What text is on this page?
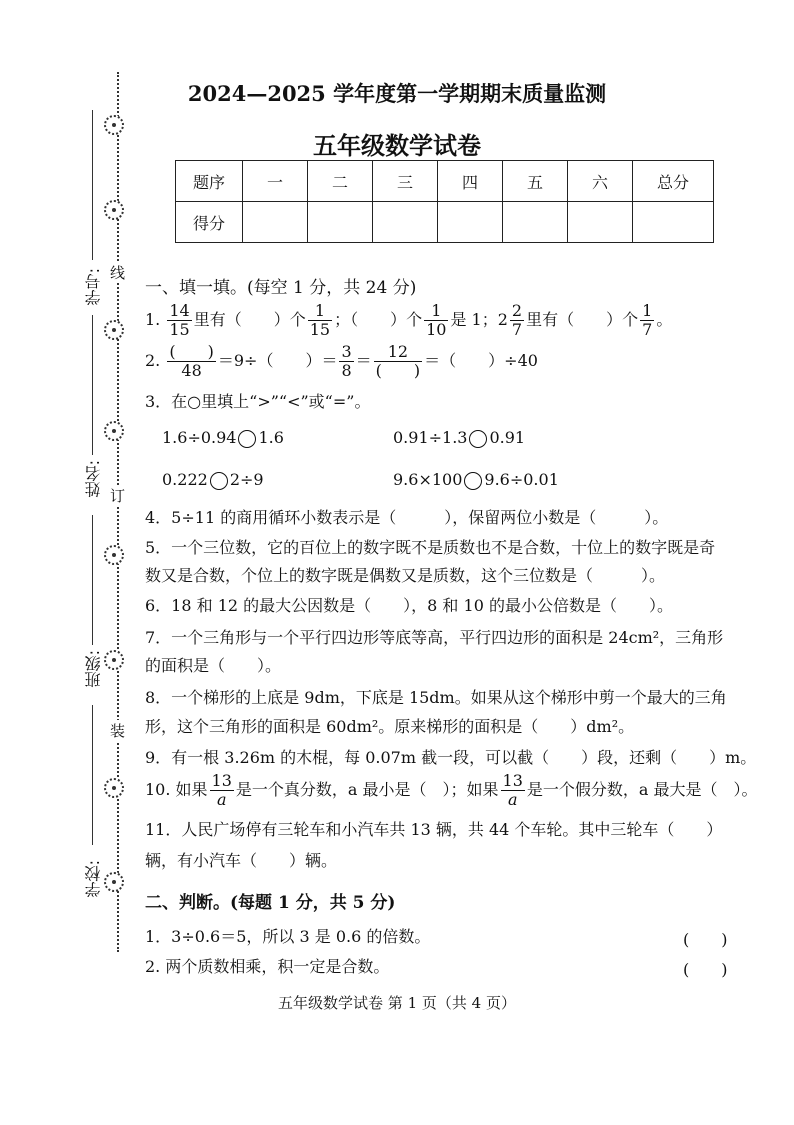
线
订
装
学号:
姓名:
班级:
学校:
2024—2025 学年度第一学期期末质量监测
五年级数学试卷
题序	一	二	三	四	五	六	总分
得分							
一、填一填。(每空 1 分，共 24 分)
1. $\frac{14}{15}$ 里有（　　）个 $\frac{1}{15}$ ；（　　）个 $\frac{1}{10}$ 是 1；$2 \frac{2}{7}$ 里有（　　）个 $\frac{1}{7}$ 。
2. $\frac{( )}{48} =9\div$（　　）＝ $\frac{3}{8} = \frac{12}{( )}$ ＝（　　）÷40
3．在○里填上“>”“<”或“=”。
1.6÷0.94 1.6	0.91÷1.3 0.91
0.222 2÷9	9.6×100 9.6÷0.01
4．5÷11 的商用循环小数表示是（　　　），保留两位小数是（　　　）。
5．一个三位数，它的百位上的数字既不是质数也不是合数，十位上的数字既是奇
数又是合数，个位上的数字既是偶数又是质数，这个三位数是（　　　）。
6．18 和 12 的最大公因数是（　　），8 和 10 的最小公倍数是（　　）。
7．一个三角形与一个平行四边形等底等高，平行四边形的面积是 24cm²，三角形
的面积是（　　）。
8．一个梯形的上底是 9dm，下底是 15dm。如果从这个梯形中剪一个最大的三角
形，这个三角形的面积是 60dm²。原来梯形的面积是（　　）dm²。
9．有一根 3.26m 的木棍，每 0.07m 截一段，可以截（　　）段，还剩（　　）m。
10. 如果 $\frac{13}{a}$ 是一个真分数，a 最小是（　）；如果 $\frac{13}{a}$ 是一个假分数，a 最大是（　）。
11．人民广场停有三轮车和小汽车共 13 辆，共 44 个车轮。其中三轮车（　　）
辆，有小汽车（　　）辆。
二、判断。(每题 1 分，共 5 分)
1．3÷0.6＝5，所以 3 是 0.6 的倍数。	(　　)
2. 两个质数相乘，积一定是合数。	(　　)
五年级数学试卷 第 1 页（共 4 页）
